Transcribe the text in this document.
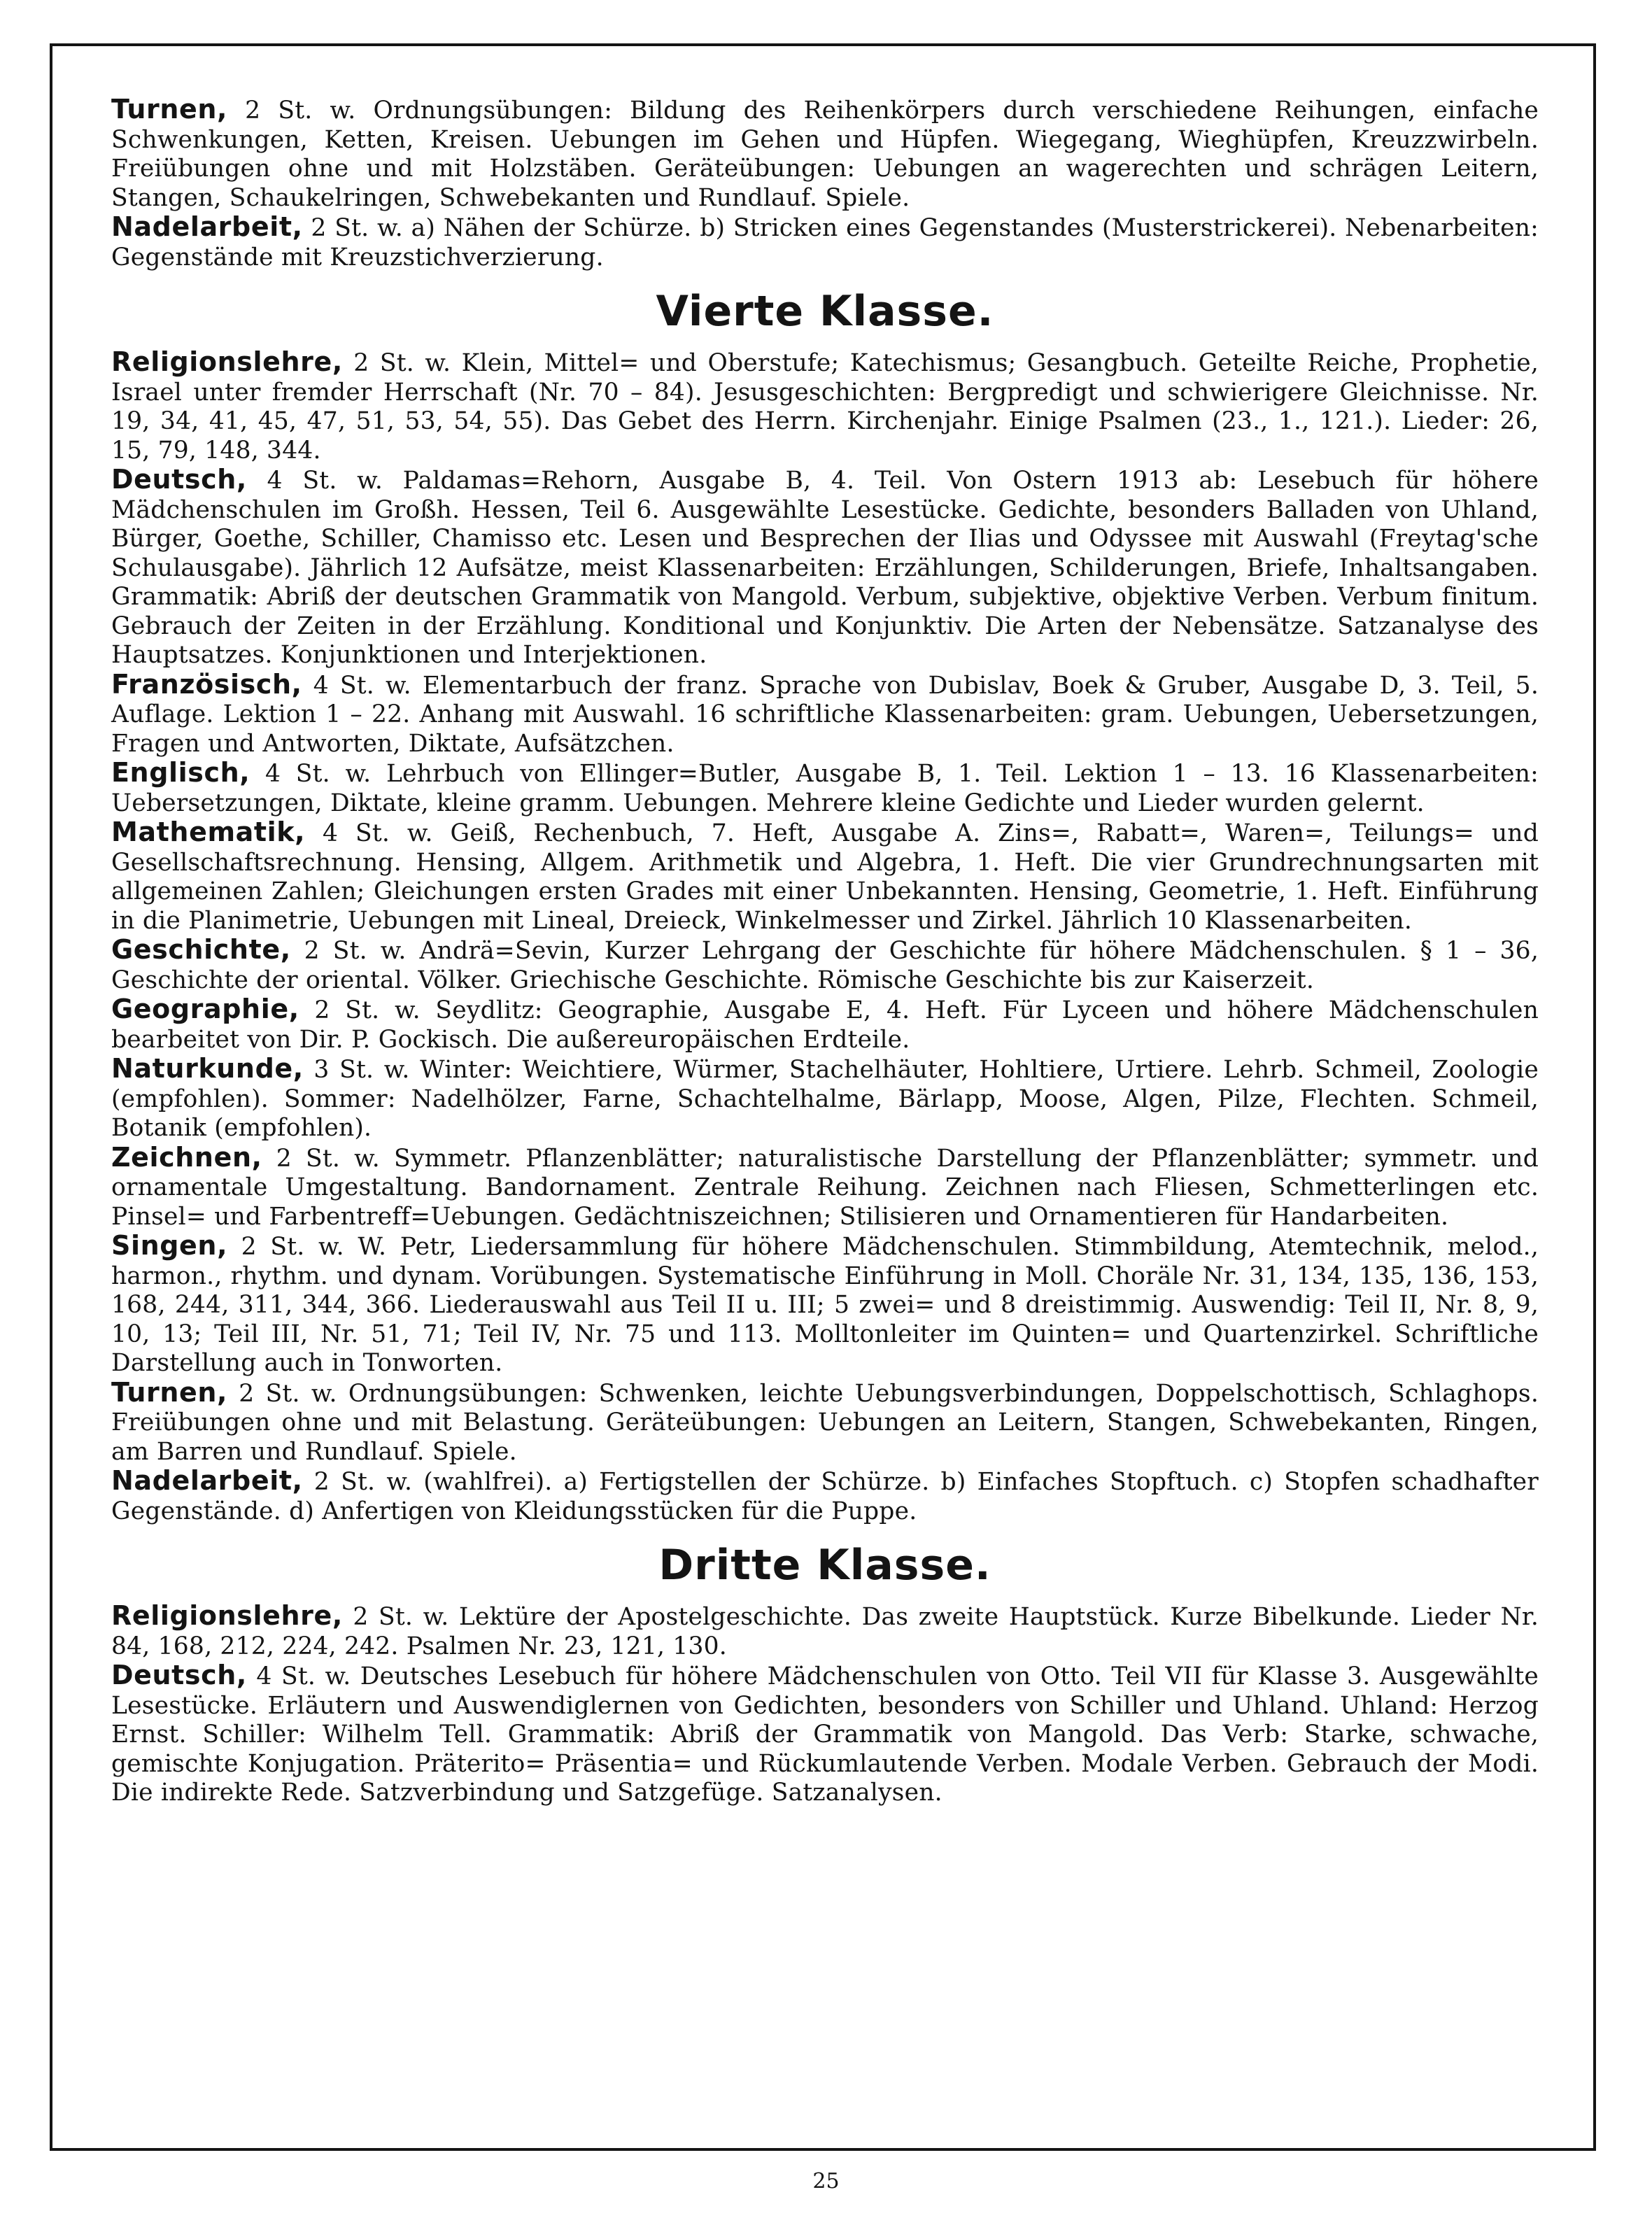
Turnen, 2 St. w. Ordnungsübungen: Bildung des Reihenkörpers durch verschiedene Reihungen, einfache Schwenkungen, Ketten, Kreisen. Uebungen im Gehen und Hüpfen. Wiegegang, Wieghüpfen, Kreuzzwirbeln. Freiübungen ohne und mit Holzstäben. Geräteübungen: Uebungen an wagerechten und schrägen Leitern, Stangen, Schaukelringen, Schwebekanten und Rundlauf. Spiele.

Nadelarbeit, 2 St. w. a) Nähen der Schürze. b) Stricken eines Gegenstandes (Musterstrickerei). Nebenarbeiten: Gegenstände mit Kreuzstichverzierung.

Vierte Klasse.

Religionslehre, 2 St. w. Klein, Mittel= und Oberstufe; Katechismus; Gesangbuch. Geteilte Reiche, Prophetie, Israel unter fremder Herrschaft (Nr. 70 – 84). Jesusgeschichten: Bergpredigt und schwierigere Gleichnisse. Nr. 19, 34, 41, 45, 47, 51, 53, 54, 55). Das Gebet des Herrn. Kirchenjahr. Einige Psalmen (23., 1., 121.). Lieder: 26, 15, 79, 148, 344.

Deutsch, 4 St. w. Paldamas=Rehorn, Ausgabe B, 4. Teil. Von Ostern 1913 ab: Lesebuch für höhere Mädchenschulen im Großh. Hessen, Teil 6. Ausgewählte Lesestücke. Gedichte, besonders Balladen von Uhland, Bürger, Goethe, Schiller, Chamisso etc. Lesen und Besprechen der Ilias und Odyssee mit Auswahl (Freytag'sche Schulausgabe). Jährlich 12 Aufsätze, meist Klassenarbeiten: Erzählungen, Schilderungen, Briefe, Inhaltsangaben. Grammatik: Abriß der deutschen Grammatik von Mangold. Verbum, subjektive, objektive Verben. Verbum finitum. Gebrauch der Zeiten in der Erzählung. Konditional und Konjunktiv. Die Arten der Nebensätze. Satzanalyse des Hauptsatzes. Konjunktionen und Interjektionen.

Französisch, 4 St. w. Elementarbuch der franz. Sprache von Dubislav, Boek & Gruber, Ausgabe D, 3. Teil, 5. Auflage. Lektion 1 – 22. Anhang mit Auswahl. 16 schriftliche Klassenarbeiten: gram. Uebungen, Uebersetzungen, Fragen und Antworten, Diktate, Aufsätzchen.

Englisch, 4 St. w. Lehrbuch von Ellinger=Butler, Ausgabe B, 1. Teil. Lektion 1 – 13. 16 Klassenarbeiten: Uebersetzungen, Diktate, kleine gramm. Uebungen. Mehrere kleine Gedichte und Lieder wurden gelernt.

Mathematik, 4 St. w. Geiß, Rechenbuch, 7. Heft, Ausgabe A. Zins=, Rabatt=, Waren=, Teilungs= und Gesellschaftsrechnung. Hensing, Allgem. Arithmetik und Algebra, 1. Heft. Die vier Grundrechnungsarten mit allgemeinen Zahlen; Gleichungen ersten Grades mit einer Unbekannten. Hensing, Geometrie, 1. Heft. Einführung in die Planimetrie, Uebungen mit Lineal, Dreieck, Winkelmesser und Zirkel. Jährlich 10 Klassenarbeiten.

Geschichte, 2 St. w. Andrä=Sevin, Kurzer Lehrgang der Geschichte für höhere Mädchenschulen. § 1 – 36, Geschichte der oriental. Völker. Griechische Geschichte. Römische Geschichte bis zur Kaiserzeit.

Geographie, 2 St. w. Seydlitz: Geographie, Ausgabe E, 4. Heft. Für Lyceen und höhere Mädchenschulen bearbeitet von Dir. P. Gockisch. Die außereuropäischen Erdteile.

Naturkunde, 3 St. w. Winter: Weichtiere, Würmer, Stachelhäuter, Hohltiere, Urtiere. Lehrb. Schmeil, Zoologie (empfohlen). Sommer: Nadelhölzer, Farne, Schachtelhalme, Bärlapp, Moose, Algen, Pilze, Flechten. Schmeil, Botanik (empfohlen).

Zeichnen, 2 St. w. Symmetr. Pflanzenblätter; naturalistische Darstellung der Pflanzenblätter; symmetr. und ornamentale Umgestaltung. Bandornament. Zentrale Reihung. Zeichnen nach Fliesen, Schmetterlingen etc. Pinsel= und Farbentreff=Uebungen. Gedächtniszeichnen; Stilisieren und Ornamentieren für Handarbeiten.

Singen, 2 St. w. W. Petr, Liedersammlung für höhere Mädchenschulen. Stimmbildung, Atemtechnik, melod., harmon., rhythm. und dynam. Vorübungen. Systematische Einführung in Moll. Choräle Nr. 31, 134, 135, 136, 153, 168, 244, 311, 344, 366. Liederauswahl aus Teil II u. III; 5 zwei= und 8 dreistimmig. Auswendig: Teil II, Nr. 8, 9, 10, 13; Teil III, Nr. 51, 71; Teil IV, Nr. 75 und 113. Molltonleiter im Quinten= und Quartenzirkel. Schriftliche Darstellung auch in Tonworten.

Turnen, 2 St. w. Ordnungsübungen: Schwenken, leichte Uebungsverbindungen, Doppelschottisch, Schlaghops. Freiübungen ohne und mit Belastung. Geräteübungen: Uebungen an Leitern, Stangen, Schwebekanten, Ringen, am Barren und Rundlauf. Spiele.

Nadelarbeit, 2 St. w. (wahlfrei). a) Fertigstellen der Schürze. b) Einfaches Stopftuch. c) Stopfen schadhafter Gegenstände. d) Anfertigen von Kleidungsstücken für die Puppe.

Dritte Klasse.

Religionslehre, 2 St. w. Lektüre der Apostelgeschichte. Das zweite Hauptstück. Kurze Bibelkunde. Lieder Nr. 84, 168, 212, 224, 242. Psalmen Nr. 23, 121, 130.

Deutsch, 4 St. w. Deutsches Lesebuch für höhere Mädchenschulen von Otto. Teil VII für Klasse 3. Ausgewählte Lesestücke. Erläutern und Auswendiglernen von Gedichten, besonders von Schiller und Uhland. Uhland: Herzog Ernst. Schiller: Wilhelm Tell. Grammatik: Abriß der Grammatik von Mangold. Das Verb: Starke, schwache, gemischte Konjugation. Präterito= Präsentia= und Rückumlautende Verben. Modale Verben. Gebrauch der Modi. Die indirekte Rede. Satzverbindung und Satzgefüge. Satzanalysen.

25
